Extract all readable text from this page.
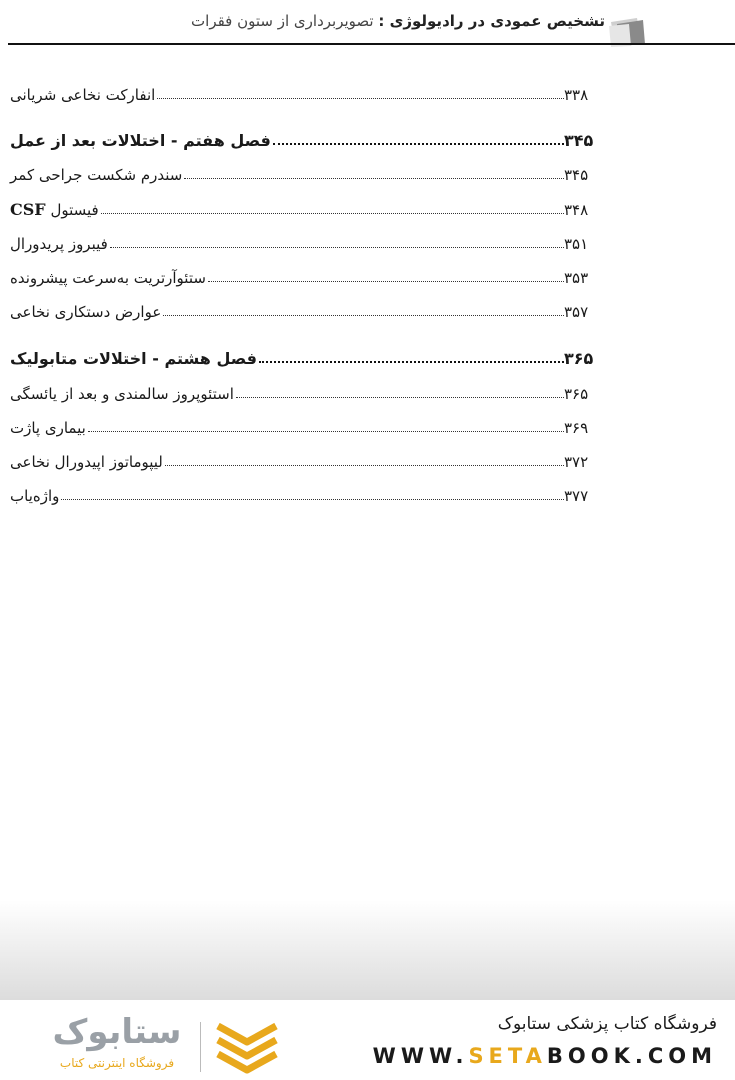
تشخیص عمودی در رادیولوژی : تصویربرداری از ستون فقرات
انفارکت نخاعی شریانی	۳۳۸
فصل هفتم - اختلالات بعد از عمل	۳۴۵
سندرم شکست جراحی کمر	۳۴۵
فیستول CSF	۳۴۸
فیبروز پریدورال	۳۵۱
ستئوآرتریت به‌سرعت پیشرونده	۳۵۳
عوارض دستکاری نخاعی	۳۵۷
فصل هشتم - اختلالات متابولیک	۳۶۵
استئوپروز سالمندی و بعد از یائسگی	۳۶۵
بیماری پاژت	۳۶۹
لیپوماتوز اپیدورال نخاعی	۳۷۲
واژه‌یاب	۳۷۷
فروشگاه کتاب پزشکی ستابوک
WWW.SETABOOK.COM
ستابوک
فروشگاه اینترنتی کتاب
